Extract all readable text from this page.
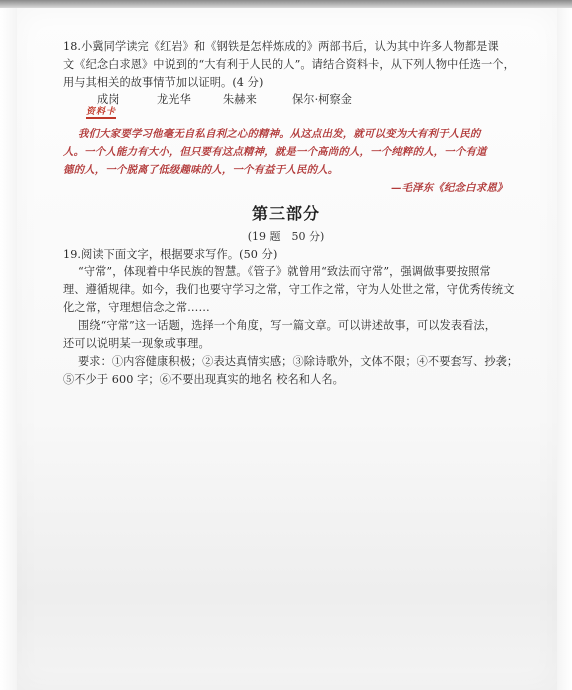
18.小冀同学读完《红岩》和《钢铁是怎样炼成的》两部书后，认为其中许多人物都是课
文《纪念白求恩》中说到的“大有利于人民的人”。请结合资料卡，从下列人物中任选一个，
用与其相关的故事情节加以证明。(4 分)
成岗	龙光华	朱赫来	保尔·柯察金
资料卡
我们大家要学习他毫无自私自利之心的精神。从这点出发，就可以变为大有利于人民的
人。一个人能力有大小，但只要有这点精神，就是一个高尚的人，一个纯粹的人，一个有道
德的人，一个脱离了低级趣味的人，一个有益于人民的人。
—毛泽东《纪念白求恩》
第三部分
(19 题　50 分)
19.阅读下面文字，根据要求写作。(50 分)
“守常”，体现着中华民族的智慧。《管子》就曾用“致法而守常”，强调做事要按照常
理、遵循规律。如今，我们也要守学习之常，守工作之常，守为人处世之常，守优秀传统文
化之常，守理想信念之常……
围绕“守常”这一话题，选择一个角度，写一篇文章。可以讲述故事，可以发表看法，
还可以说明某一现象或事理。
要求：①内容健康积极；②表达真情实感；③除诗歌外，文体不限；④不要套写、抄袭；
⑤不少于 600 字；⑥不要出现真实的地名 校名和人名。
